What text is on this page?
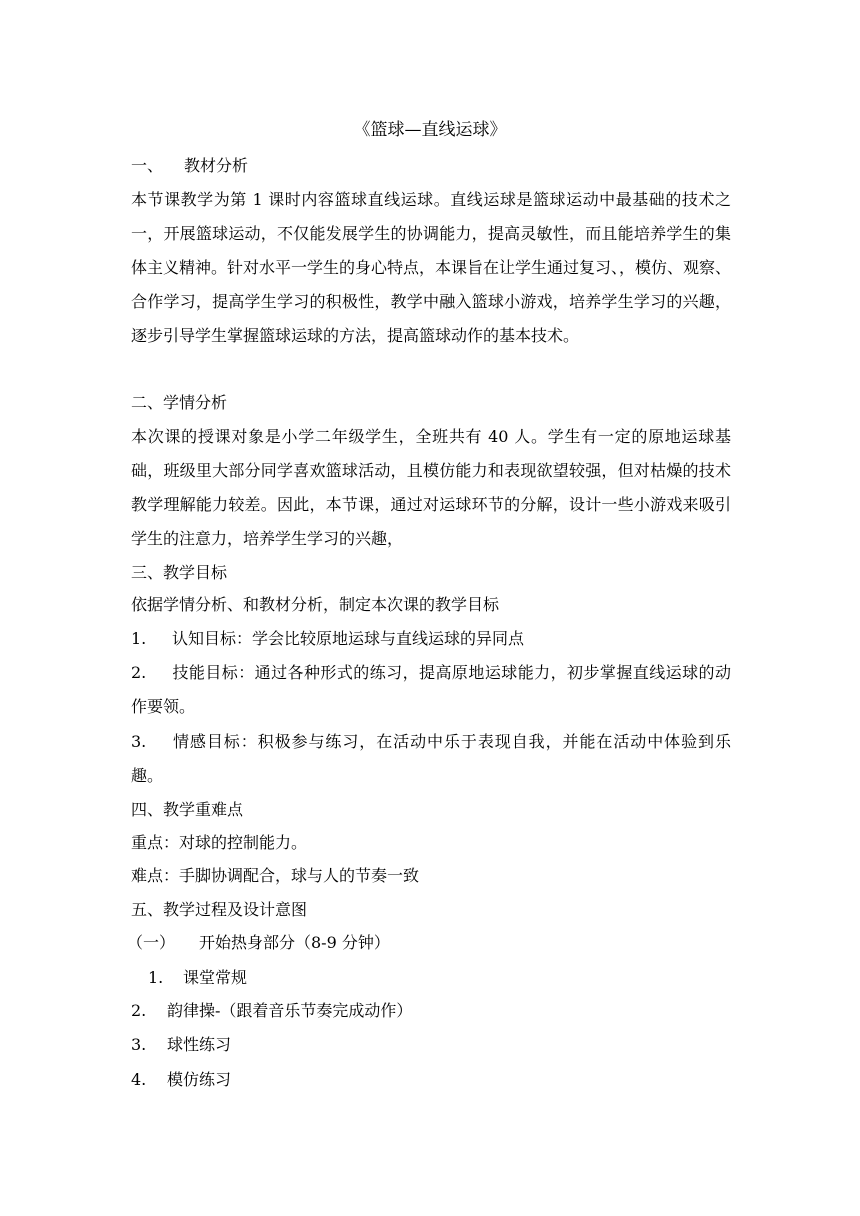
《篮球—直线运球》
一、 教材分析
本节课教学为第 1 课时内容篮球直线运球。直线运球是篮球运动中最基础的技术之一，开展篮球运动，不仅能发展学生的协调能力，提高灵敏性，而且能培养学生的集体主义精神。针对水平一学生的身心特点，本课旨在让学生通过复习、，模仿、观察、合作学习，提高学生学习的积极性，教学中融入篮球小游戏，培养学生学习的兴趣，逐步引导学生掌握篮球运球的方法，提高篮球动作的基本技术。
二、学情分析
本次课的授课对象是小学二年级学生，全班共有 40 人。学生有一定的原地运球基础，班级里大部分同学喜欢篮球活动，且模仿能力和表现欲望较强，但对枯燥的技术教学理解能力较差。因此，本节课，通过对运球环节的分解，设计一些小游戏来吸引学生的注意力，培养学生学习的兴趣，
三、教学目标
依据学情分析、和教材分析，制定本次课的教学目标
1. 认知目标：学会比较原地运球与直线运球的异同点
2. 技能目标：通过各种形式的练习，提高原地运球能力，初步掌握直线运球的动作要领。
3. 情感目标：积极参与练习，在活动中乐于表现自我，并能在活动中体验到乐趣。
四、教学重难点
重点：对球的控制能力。
难点：手脚协调配合，球与人的节奏一致
五、教学过程及设计意图
（一） 开始热身部分（8-9 分钟）
1. 课堂常规
2. 韵律操-（跟着音乐节奏完成动作）
3. 球性练习
4. 模仿练习
